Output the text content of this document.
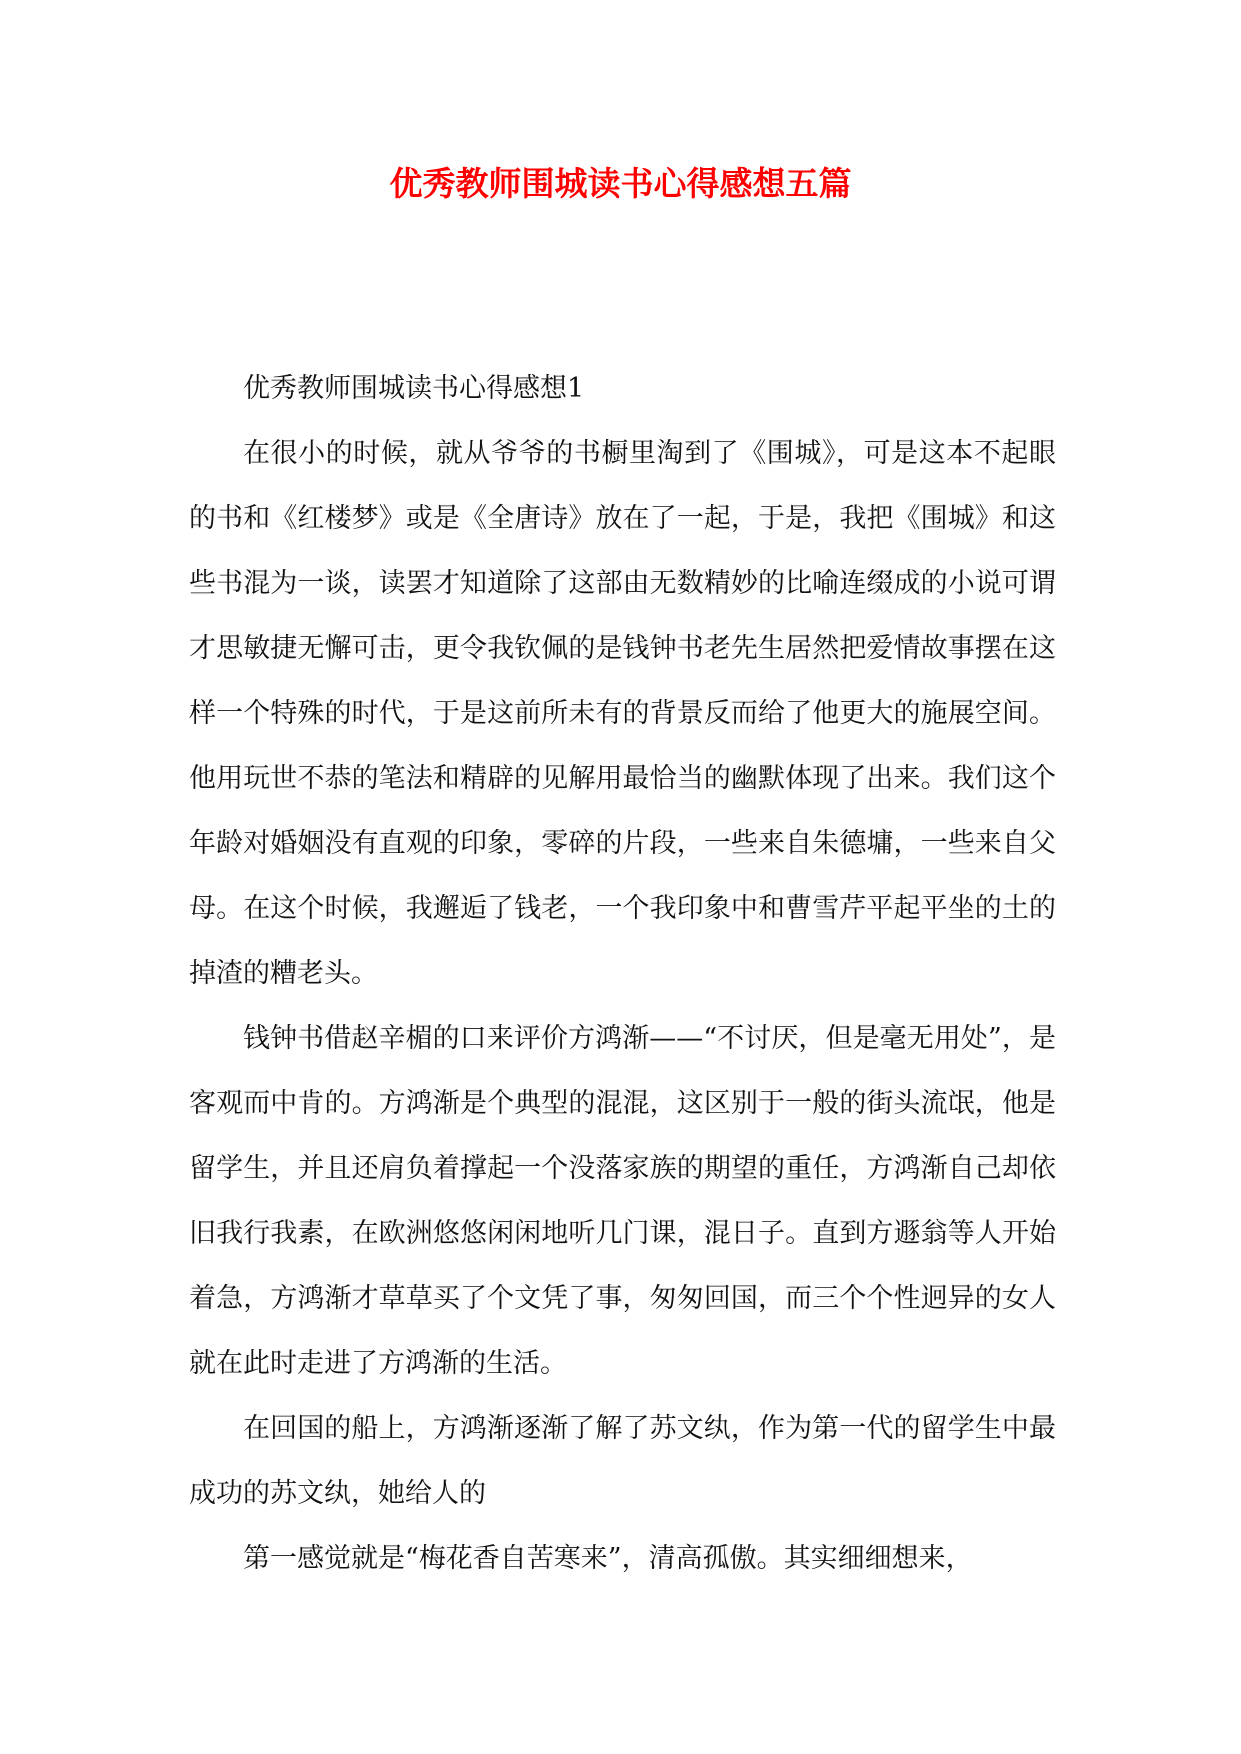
优秀教师围城读书心得感想五篇

优秀教师围城读书心得感想1

在很小的时候，就从爷爷的书橱里淘到了《围城》，可是这本不起眼的书和《红楼梦》或是《全唐诗》放在了一起，于是，我把《围城》和这些书混为一谈，读罢才知道除了这部由无数精妙的比喻连缀成的小说可谓才思敏捷无懈可击，更令我钦佩的是钱钟书老先生居然把爱情故事摆在这样一个特殊的时代，于是这前所未有的背景反而给了他更大的施展空间。他用玩世不恭的笔法和精辟的见解用最恰当的幽默体现了出来。我们这个年龄对婚姻没有直观的印象，零碎的片段，一些来自朱德墉，一些来自父母。在这个时候，我邂逅了钱老，一个我印象中和曹雪芹平起平坐的土的掉渣的糟老头。

钱钟书借赵辛楣的口来评价方鸿渐——“不讨厌，但是毫无用处”，是客观而中肯的。方鸿渐是个典型的混混，这区别于一般的街头流氓，他是留学生，并且还肩负着撑起一个没落家族的期望的重任，方鸿渐自己却依旧我行我素，在欧洲悠悠闲闲地听几门课，混日子。直到方遯翁等人开始着急，方鸿渐才草草买了个文凭了事，匆匆回国，而三个个性迥异的女人就在此时走进了方鸿渐的生活。

在回国的船上，方鸿渐逐渐了解了苏文纨，作为第一代的留学生中最成功的苏文纨，她给人的

第一感觉就是“梅花香自苦寒来”，清高孤傲。其实细细想来，
